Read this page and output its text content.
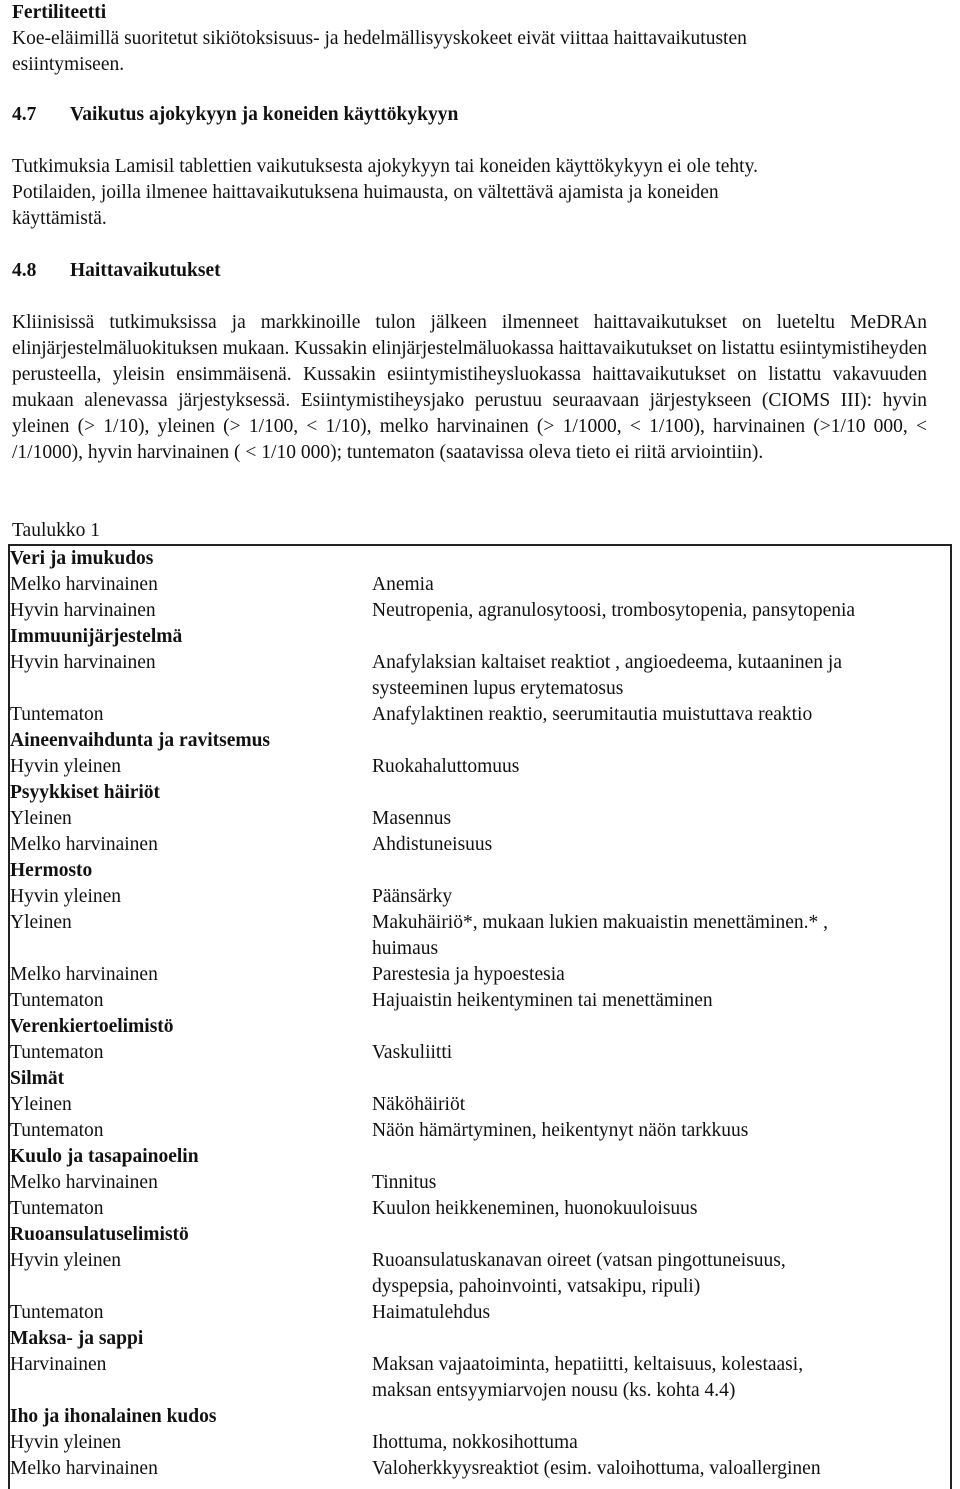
Fertiliteetti

Koe-eläimillä suoritetut sikiötoksisuus- ja hedelmällisyyskokeet eivät viittaa haittavaikutusten

esiintymiseen.

4.7 Vaikutus ajokykyyn ja koneiden käyttökykyyn

Tutkimuksia Lamisil tablettien vaikutuksesta ajokykyyn tai koneiden käyttökykyyn ei ole tehty.

Potilaiden, joilla ilmenee haittavaikutuksena huimausta, on vältettävä ajamista ja koneiden

käyttämistä.

4.8 Haittavaikutukset

Kliinisissä tutkimuksissa ja markkinoille tulon jälkeen ilmenneet haittavaikutukset on lueteltu MeDRAn elinjärjestelmäluokituksen mukaan. Kussakin elinjärjestelmäluokassa haittavaikutukset on listattu esiintymistiheyden perusteella, yleisin ensimmäisenä. Kussakin esiintymistiheysluokassa haittavaikutukset on listattu vakavuuden mukaan alenevassa järjestyksessä. Esiintymistiheysjako perustuu seuraavaan järjestykseen (CIOMS III): hyvin yleinen (> 1/10), yleinen (> 1/100, < 1/10), melko harvinainen (> 1/1000, < 1/100), harvinainen (>1/10 000, < /1/1000), hyvin harvinainen ( < 1/10 000); tuntematon (saatavissa oleva tieto ei riitä arviointiin).

Taulukko 1

Veri ja imukudos
Melko harvinainen	Anemia
Hyvin harvinainen	Neutropenia, agranulosytoosi, trombosytopenia, pansytopenia
Immuunijärjestelmä
Hyvin harvinainen	Anafylaksian kaltaiset reaktiot , angioedeema, kutaaninen ja
systeeminen lupus erytematosus
Tuntematon	Anafylaktinen reaktio, seerumitautia muistuttava reaktio
Aineenvaihdunta ja ravitsemus
Hyvin yleinen	Ruokahaluttomuus
Psyykkiset häiriöt
Yleinen	Masennus
Melko harvinainen	Ahdistuneisuus
Hermosto
Hyvin yleinen	Päänsärky
Yleinen	Makuhäiriö*, mukaan lukien makuaistin menettäminen.* ,
huimaus
Melko harvinainen	Parestesia ja hypoestesia
Tuntematon	Hajuaistin heikentyminen tai menettäminen
Verenkiertoelimistö
Tuntematon	Vaskuliitti
Silmät
Yleinen	Näköhäiriöt
Tuntematon	Näön hämärtyminen, heikentynyt näön tarkkuus
Kuulo ja tasapainoelin
Melko harvinainen	Tinnitus
Tuntematon	Kuulon heikkeneminen, huonokuuloisuus
Ruoansulatuselimistö
Hyvin yleinen	Ruoansulatuskanavan oireet (vatsan pingottuneisuus,
dyspepsia, pahoinvointi, vatsakipu, ripuli)
Tuntematon	Haimatulehdus
Maksa- ja sappi
Harvinainen	Maksan vajaatoiminta, hepatiitti, keltaisuus, kolestaasi,
maksan entsyymiarvojen nousu (ks. kohta 4.4)
Iho ja ihonalainen kudos
Hyvin yleinen	Ihottuma, nokkosihottuma
Melko harvinainen	Valoherkkyysreaktiot (esim. valoihottuma, valoallerginen
